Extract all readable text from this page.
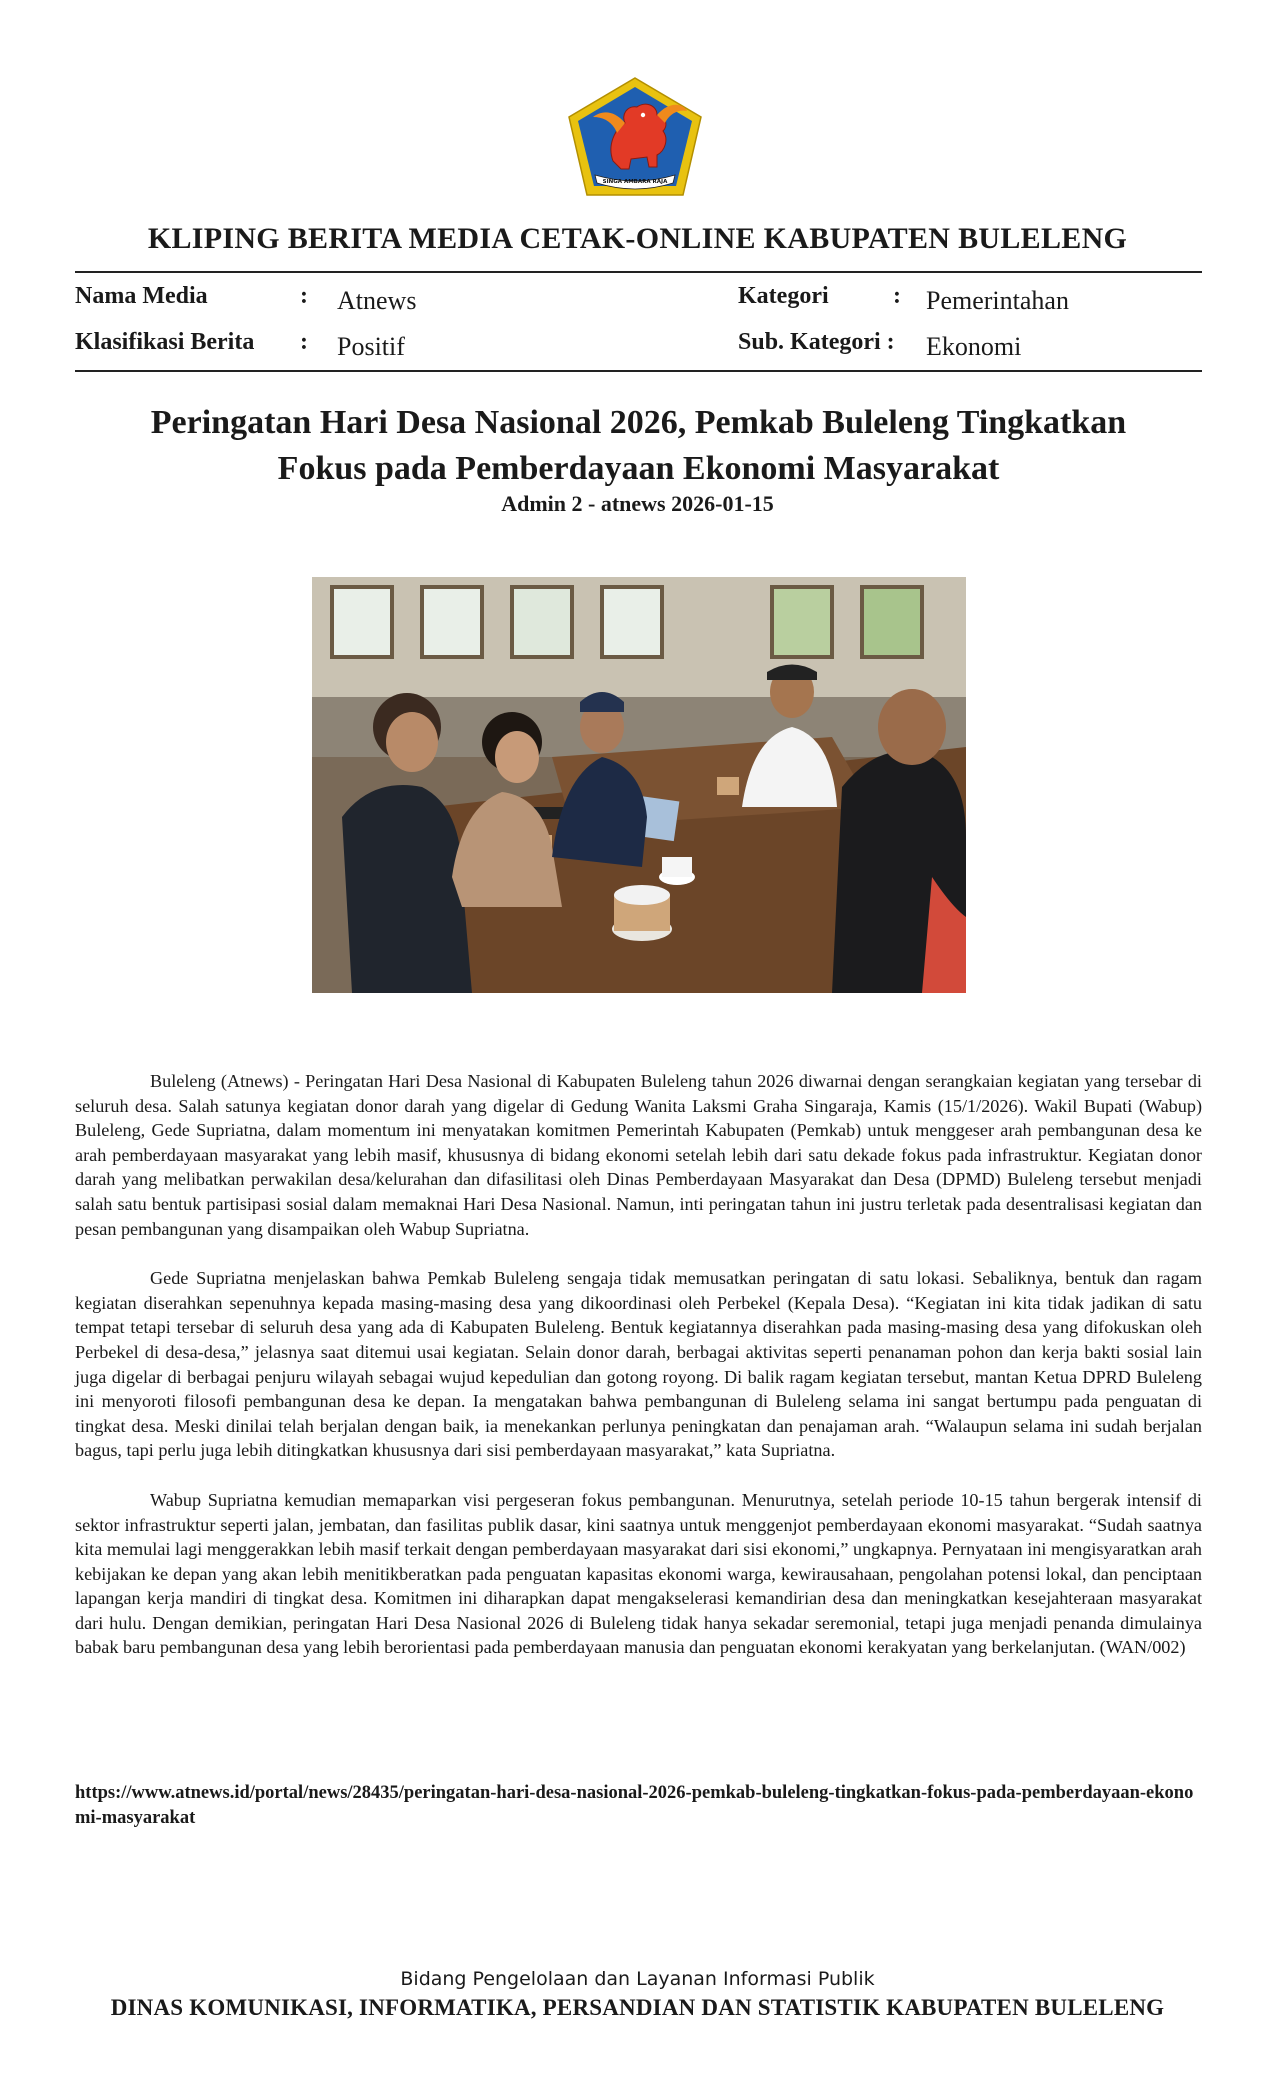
SINGA AMBARA RAJA
KLIPING BERITA MEDIA CETAK-ONLINE KABUPATEN BULELENG
Nama Media	: Atnews
Klasifikasi Berita : Positif
Kategori	: Pemerintahan
Sub. Kategori : Ekonomi
Peringatan Hari Desa Nasional 2026, Pemkab Buleleng Tingkatkan
Fokus pada Pemberdayaan Ekonomi Masyarakat
Admin 2 - atnews 2026-01-15

Buleleng (Atnews) - Peringatan Hari Desa Nasional di Kabupaten Buleleng tahun 2026 diwarnai dengan serangkaian kegiatan yang tersebar di seluruh desa. Salah satunya kegiatan donor darah yang digelar di Gedung Wanita Laksmi Graha Singaraja, Kamis (15/1/2026). Wakil Bupati (Wabup) Buleleng, Gede Supriatna, dalam momentum ini menyatakan komitmen Pemerintah Kabupaten (Pemkab) untuk menggeser arah pembangunan desa ke arah pemberdayaan masyarakat yang lebih masif, khususnya di bidang ekonomi setelah lebih dari satu dekade fokus pada infrastruktur. Kegiatan donor darah yang melibatkan perwakilan desa/kelurahan dan difasilitasi oleh Dinas Pemberdayaan Masyarakat dan Desa (DPMD) Buleleng tersebut menjadi salah satu bentuk partisipasi sosial dalam memaknai Hari Desa Nasional. Namun, inti peringatan tahun ini justru terletak pada desentralisasi kegiatan dan pesan pembangunan yang disampaikan oleh Wabup Supriatna.

Gede Supriatna menjelaskan bahwa Pemkab Buleleng sengaja tidak memusatkan peringatan di satu lokasi. Sebaliknya, bentuk dan ragam kegiatan diserahkan sepenuhnya kepada masing-masing desa yang dikoordinasi oleh Perbekel (Kepala Desa). “Kegiatan ini kita tidak jadikan di satu tempat tetapi tersebar di seluruh desa yang ada di Kabupaten Buleleng. Bentuk kegiatannya diserahkan pada masing-masing desa yang difokuskan oleh Perbekel di desa-desa,” jelasnya saat ditemui usai kegiatan. Selain donor darah, berbagai aktivitas seperti penanaman pohon dan kerja bakti sosial lain juga digelar di berbagai penjuru wilayah sebagai wujud kepedulian dan gotong royong. Di balik ragam kegiatan tersebut, mantan Ketua DPRD Buleleng ini menyoroti filosofi pembangunan desa ke depan. Ia mengatakan bahwa pembangunan di Buleleng selama ini sangat bertumpu pada penguatan di tingkat desa. Meski dinilai telah berjalan dengan baik, ia menekankan perlunya peningkatan dan penajaman arah. “Walaupun selama ini sudah berjalan bagus, tapi perlu juga lebih ditingkatkan khususnya dari sisi pemberdayaan masyarakat,” kata Supriatna.

Wabup Supriatna kemudian memaparkan visi pergeseran fokus pembangunan. Menurutnya, setelah periode 10-15 tahun bergerak intensif di sektor infrastruktur seperti jalan, jembatan, dan fasilitas publik dasar, kini saatnya untuk menggenjot pemberdayaan ekonomi masyarakat. “Sudah saatnya kita memulai lagi menggerakkan lebih masif terkait dengan pemberdayaan masyarakat dari sisi ekonomi,” ungkapnya. Pernyataan ini mengisyaratkan arah kebijakan ke depan yang akan lebih menitikberatkan pada penguatan kapasitas ekonomi warga, kewirausahaan, pengolahan potensi lokal, dan penciptaan lapangan kerja mandiri di tingkat desa. Komitmen ini diharapkan dapat mengakselerasi kemandirian desa dan meningkatkan kesejahteraan masyarakat dari hulu. Dengan demikian, peringatan Hari Desa Nasional 2026 di Buleleng tidak hanya sekadar seremonial, tetapi juga menjadi penanda dimulainya babak baru pembangunan desa yang lebih berorientasi pada pemberdayaan manusia dan penguatan ekonomi kerakyatan yang berkelanjutan. (WAN/002)

https://www.atnews.id/portal/news/28435/peringatan-hari-desa-nasional-2026-pemkab-buleleng-tingkatkan-fokus-pada-pemberdayaan-ekonomi-masyarakat
Bidang Pengelolaan dan Layanan Informasi Publik
DINAS KOMUNIKASI, INFORMATIKA, PERSANDIAN DAN STATISTIK KABUPATEN BULELENG
